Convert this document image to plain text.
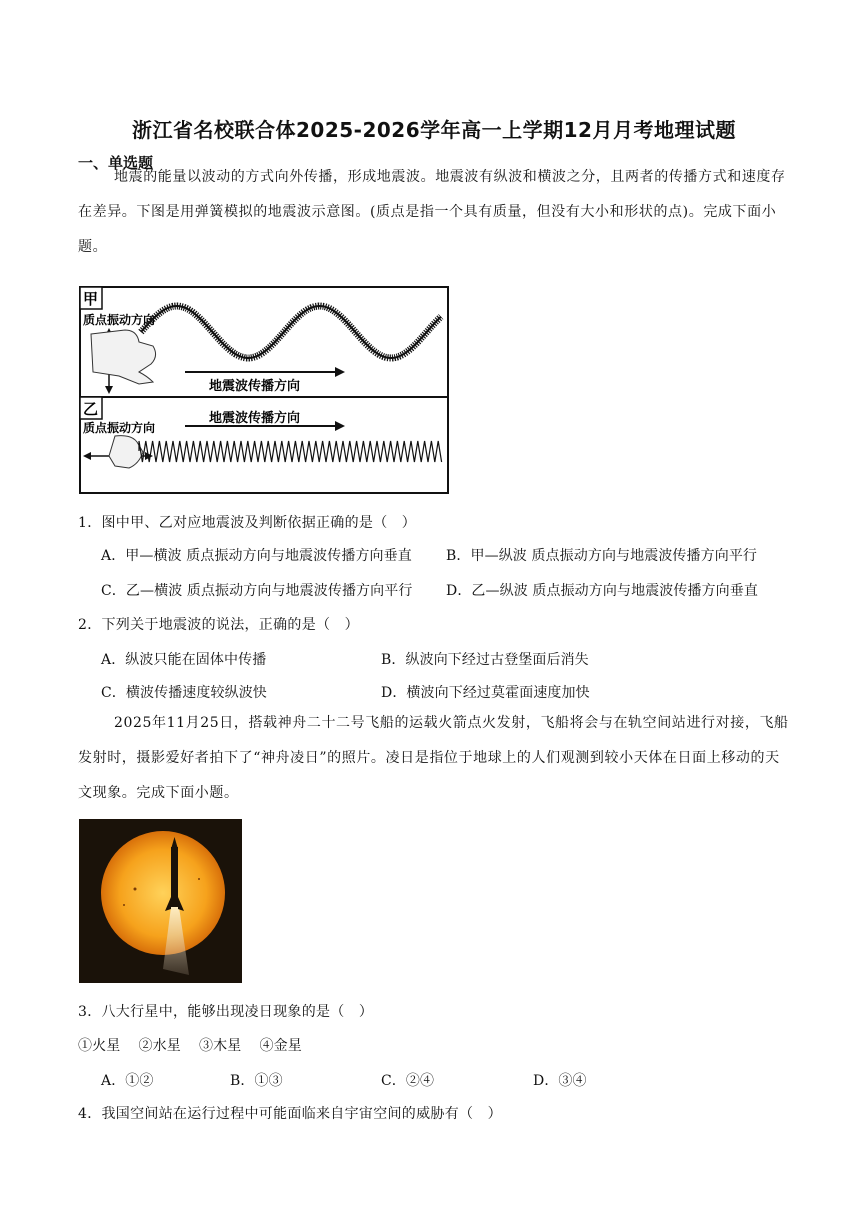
浙江省名校联合体2025-2026学年高一上学期12月月考地理试题
一、单选题
地震的能量以波动的方式向外传播，形成地震波。地震波有纵波和横波之分，且两者的传播方式和速度存在差异。下图是用弹簧模拟的地震波示意图。(质点是指一个具有质量，但没有大小和形状的点)。完成下面小题。
甲
质点振动方向
地震波传播方向
乙
质点振动方向
地震波传播方向
1．图中甲、乙对应地震波及判断依据正确的是（　）
A．甲—横波 质点振动方向与地震波传播方向垂直 B．甲—纵波 质点振动方向与地震波传播方向平行
C．乙—横波 质点振动方向与地震波传播方向平行 D．乙—纵波 质点振动方向与地震波传播方向垂直
2．下列关于地震波的说法，正确的是（　）
A．纵波只能在固体中传播	B．纵波向下经过古登堡面后消失
C．横波传播速度较纵波快	D．横波向下经过莫霍面速度加快
2025年11月25日，搭载神舟二十二号飞船的运载火箭点火发射，飞船将会与在轨空间站进行对接，飞船发射时，摄影爱好者拍下了“神舟凌日”的照片。凌日是指位于地球上的人们观测到较小天体在日面上移动的天文现象。完成下面小题。
3．八大行星中，能够出现凌日现象的是（　）
①火星    ②水星    ③木星    ④金星
A．①②	B．①③	C．②④	D．③④
4．我国空间站在运行过程中可能面临来自宇宙空间的威胁有（　）
